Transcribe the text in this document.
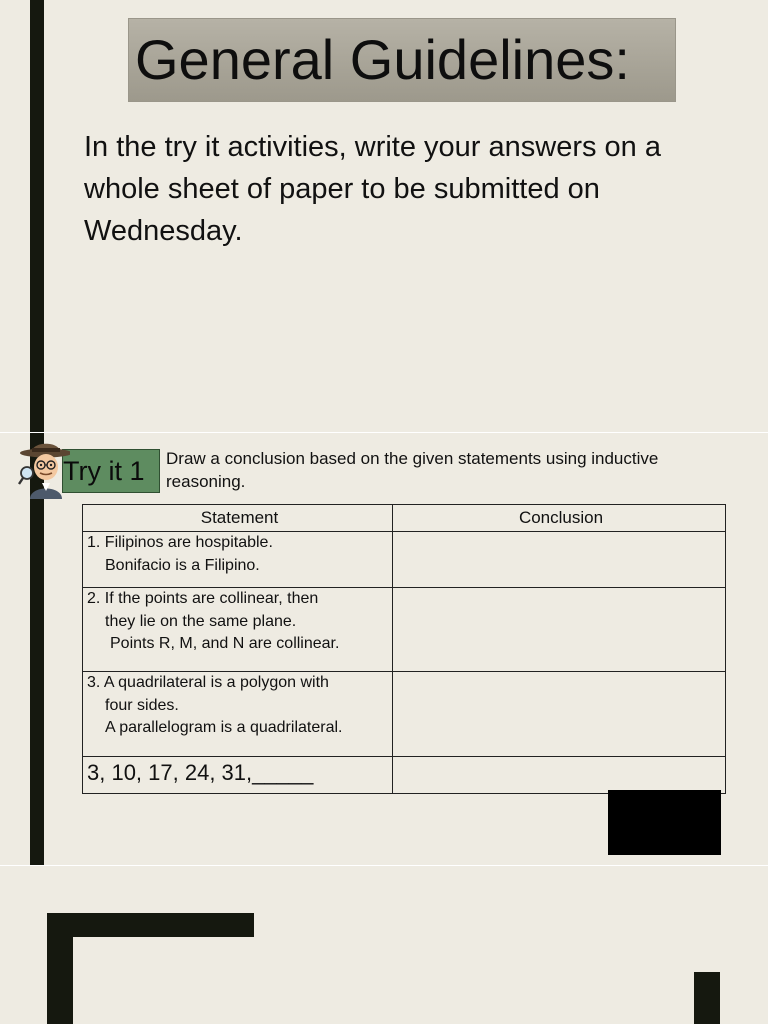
General Guidelines:
In the try it activities, write your answers on a whole sheet of paper to be submitted on Wednesday.
Try it 1 Draw a conclusion based on the given statements using inductive reasoning.
Statement	Conclusion

1. Filipinos are hospitable.
Bonifacio is a Filipino.	

2. If the points are collinear, then
they lie on the same plane.
Points R, M, and N are collinear.	

3. A quadrilateral is a polygon with
four sides.
A parallelogram is a quadrilateral.	

3, 10, 17, 24, 31,_____	
